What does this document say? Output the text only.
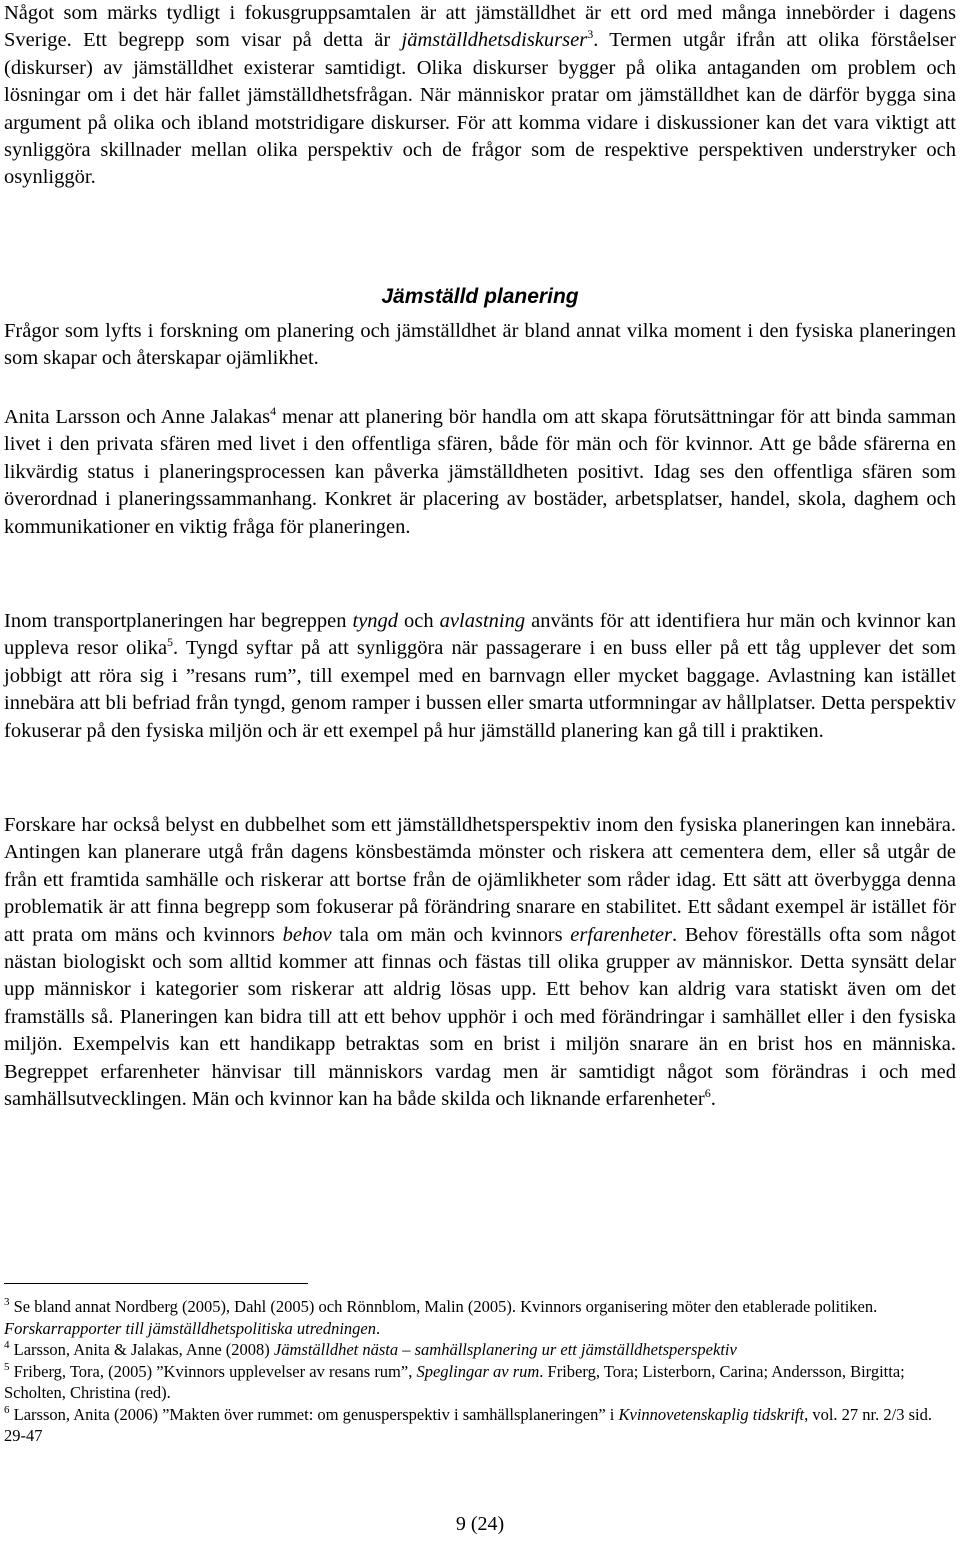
Något som märks tydligt i fokusgruppsamtalen är att jämställdhet är ett ord med många innebörder i dagens Sverige. Ett begrepp som visar på detta är jämställdhetsdiskurser$^3$. Termen utgår ifrån att olika förståelser (diskurser) av jämställdhet existerar samtidigt. Olika diskurser bygger på olika antaganden om problem och lösningar om i det här fallet jämställdhetsfrågan. När människor pratar om jämställdhet kan de därför bygga sina argument på olika och ibland motstridigare diskurser. För att komma vidare i diskussioner kan det vara viktigt att synliggöra skillnader mellan olika perspektiv och de frågor som de respektive perspektiven understryker och osynliggör.

Jämställd planering

Frågor som lyfts i forskning om planering och jämställdhet är bland annat vilka moment i den fysiska planeringen som skapar och återskapar ojämlikhet.

Anita Larsson och Anne Jalakas$^4$ menar att planering bör handla om att skapa förutsättningar för att binda samman livet i den privata sfären med livet i den offentliga sfären, både för män och för kvinnor. Att ge både sfärerna en likvärdig status i planeringsprocessen kan påverka jämställdheten positivt. Idag ses den offentliga sfären som överordnad i planeringssammanhang. Konkret är placering av bostäder, arbetsplatser, handel, skola, daghem och kommunikationer en viktig fråga för planeringen.

Inom transportplaneringen har begreppen tyngd och avlastning använts för att identifiera hur män och kvinnor kan uppleva resor olika$^5$. Tyngd syftar på att synliggöra när passagerare i en buss eller på ett tåg upplever det som jobbigt att röra sig i ”resans rum”, till exempel med en barnvagn eller mycket baggage. Avlastning kan istället innebära att bli befriad från tyngd, genom ramper i bussen eller smarta utformningar av hållplatser. Detta perspektiv fokuserar på den fysiska miljön och är ett exempel på hur jämställd planering kan gå till i praktiken.

Forskare har också belyst en dubbelhet som ett jämställdhetsperspektiv inom den fysiska planeringen kan innebära. Antingen kan planerare utgå från dagens könsbestämda mönster och riskera att cementera dem, eller så utgår de från ett framtida samhälle och riskerar att bortse från de ojämlikheter som råder idag. Ett sätt att överbygga denna problematik är att finna begrepp som fokuserar på förändring snarare en stabilitet. Ett sådant exempel är istället för att prata om mäns och kvinnors behov tala om män och kvinnors erfarenheter. Behov föreställs ofta som något nästan biologiskt och som alltid kommer att finnas och fästas till olika grupper av människor. Detta synsätt delar upp människor i kategorier som riskerar att aldrig lösas upp. Ett behov kan aldrig vara statiskt även om det framställs så. Planeringen kan bidra till att ett behov upphör i och med förändringar i samhället eller i den fysiska miljön. Exempelvis kan ett handikapp betraktas som en brist i miljön snarare än en brist hos en människa. Begreppet erfarenheter hänvisar till människors vardag men är samtidigt något som förändras i och med samhällsutvecklingen. Män och kvinnor kan ha både skilda och liknande erfarenheter$^6$.

$^3$ Se bland annat Nordberg (2005), Dahl (2005) och Rönnblom, Malin (2005). Kvinnors organisering möter den etablerade politiken. Forskarrapporter till jämställdhetspolitiska utredningen.

$^4$ Larsson, Anita & Jalakas, Anne (2008) Jämställdhet nästa – samhällsplanering ur ett jämställdhetsperspektiv

$^5$ Friberg, Tora, (2005) ”Kvinnors upplevelser av resans rum”, Speglingar av rum. Friberg, Tora; Listerborn, Carina; Andersson, Birgitta; Scholten, Christina (red).

$^6$ Larsson, Anita (2006) ”Makten över rummet: om genusperspektiv i samhällsplaneringen” i Kvinnovetenskaplig tidskrift, vol. 27 nr. 2/3 sid. 29-47

9 (24)
